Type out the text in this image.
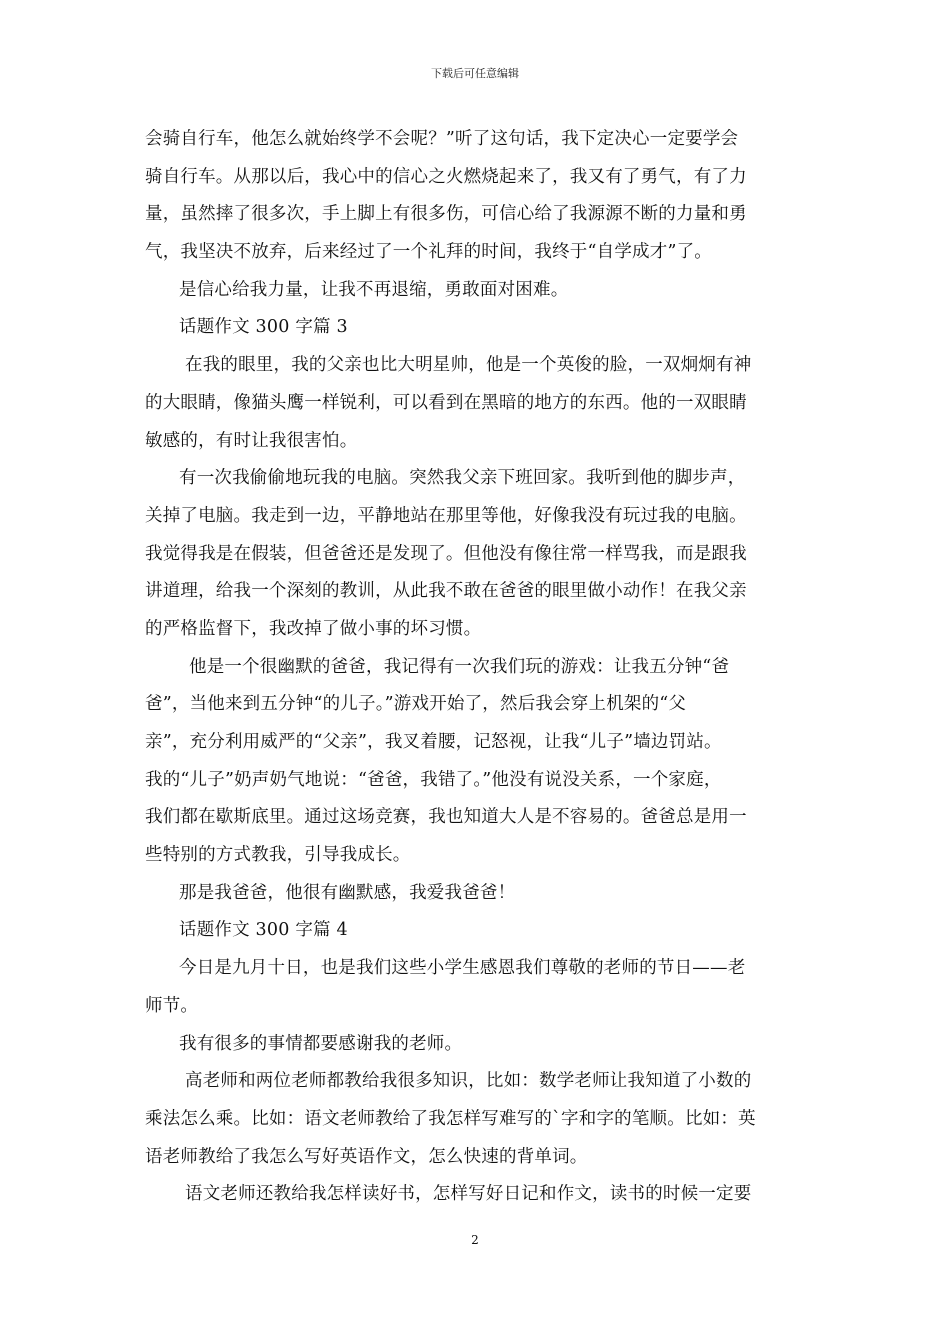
下载后可任意编辑
会骑自行车，他怎么就始终学不会呢？”听了这句话，我下定决心一定要学会
骑自行车。从那以后，我心中的信心之火燃烧起来了，我又有了勇气，有了力
量，虽然摔了很多次，手上脚上有很多伤，可信心给了我源源不断的力量和勇
气，我坚决不放弃，后来经过了一个礼拜的时间，我终于“自学成才”了。
是信心给我力量，让我不再退缩，勇敢面对困难。
话题作文 300 字篇 3
在我的眼里，我的父亲也比大明星帅，他是一个英俊的脸，一双炯炯有神
的大眼睛，像猫头鹰一样锐利，可以看到在黑暗的地方的东西。他的一双眼睛
敏感的，有时让我很害怕。
有一次我偷偷地玩我的电脑。突然我父亲下班回家。我听到他的脚步声，
关掉了电脑。我走到一边，平静地站在那里等他，好像我没有玩过我的电脑。
我觉得我是在假装，但爸爸还是发现了。但他没有像往常一样骂我，而是跟我
讲道理，给我一个深刻的教训，从此我不敢在爸爸的眼里做小动作！在我父亲
的严格监督下，我改掉了做小事的坏习惯。
他是一个很幽默的爸爸，我记得有一次我们玩的游戏：让我五分钟“爸
爸”，当他来到五分钟“的儿子。”游戏开始了，然后我会穿上机架的“父
亲”，充分利用威严的“父亲”，我叉着腰，记怒视，让我“儿子”墙边罚站。
我的“儿子”奶声奶气地说：“爸爸，我错了。”他没有说没关系，一个家庭，
我们都在歇斯底里。通过这场竞赛，我也知道大人是不容易的。爸爸总是用一
些特别的方式教我，引导我成长。
那是我爸爸，他很有幽默感，我爱我爸爸！
话题作文 300 字篇 4
今日是九月十日，也是我们这些小学生感恩我们尊敬的老师的节日——老
师节。
我有很多的事情都要感谢我的老师。
高老师和两位老师都教给我很多知识，比如：数学老师让我知道了小数的
乘法怎么乘。比如：语文老师教给了我怎样写难写的`字和字的笔顺。比如：英
语老师教给了我怎么写好英语作文，怎么快速的背单词。
语文老师还教给我怎样读好书，怎样写好日记和作文，读书的时候一定要
2
